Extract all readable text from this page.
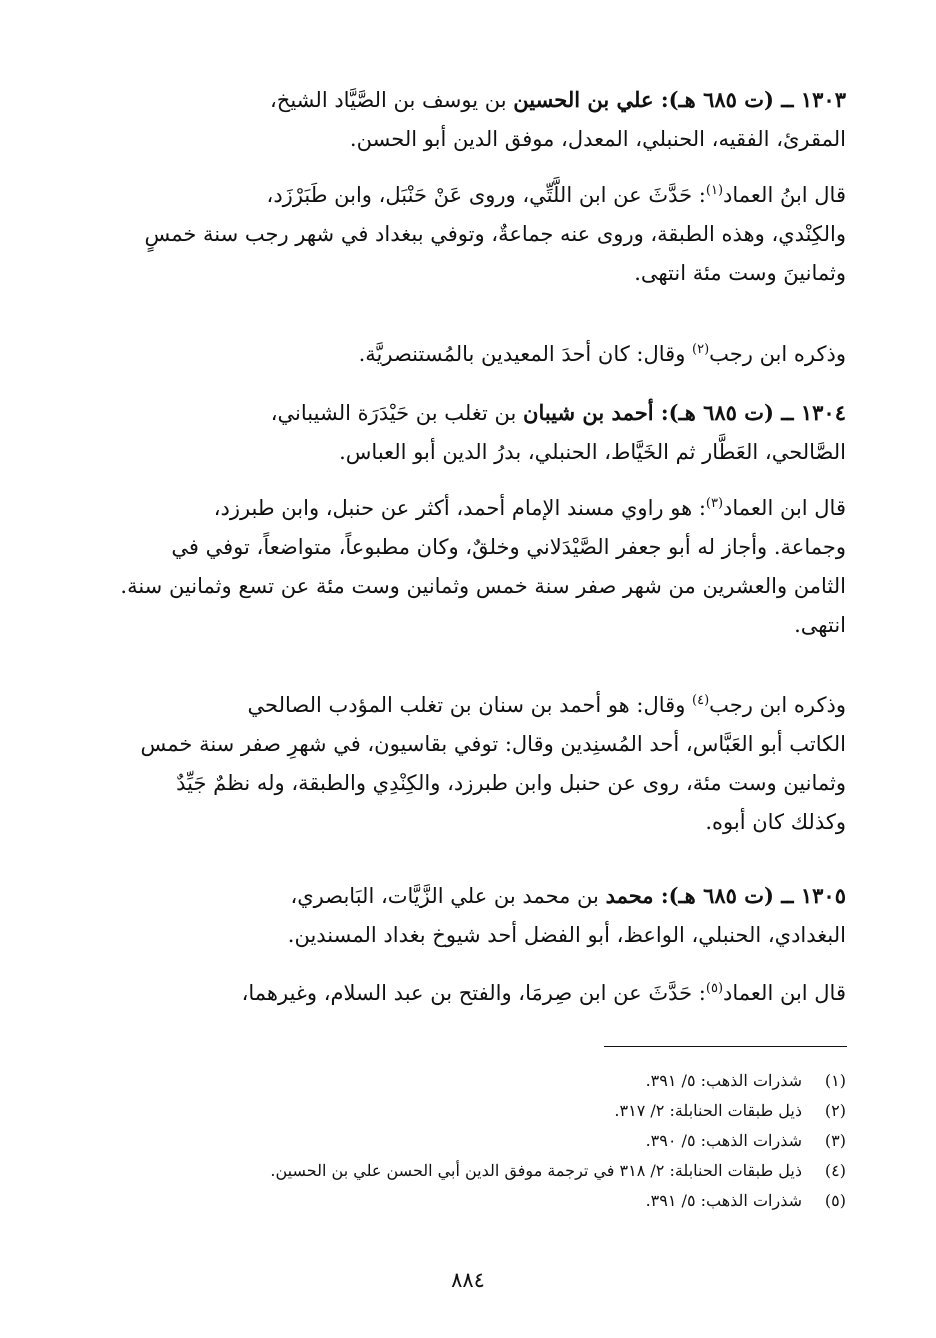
١٣٠٣ ــ (ت ٦٨٥ هـ): علي بن الحسين بن يوسف بن الصَّيَّاد الشيخ،
المقرئ، الفقيه، الحنبلي، المعدل، موفق الدين أبو الحسن.

قال ابنُ العماد$^{(١)}$: حَدَّثَ عن ابن اللَّتِّي، وروى عَنْ حَنْبَل، وابن طَبَرْزَد،
والكِنْدي، وهذه الطبقة، وروى عنه جماعةٌ، وتوفي ببغداد في شهر رجب سنة خمسٍ
وثمانينَ وست مئة انتهى.

وذكره ابن رجب$^{(٢)}$ وقال: كان أحدَ المعيدين بالمُستنصريَّة.

١٣٠٤ ــ (ت ٦٨٥ هـ): أحمد بن شيبان بن تغلب بن حَيْدَرَة الشيباني،
الصَّالحي، العَطَّار ثم الخَيَّاط، الحنبلي، بدرُ الدين أبو العباس.

قال ابن العماد$^{(٣)}$: هو راوي مسند الإمام أحمد، أكثر عن حنبل، وابن طبرزد،
وجماعة. وأجاز له أبو جعفر الصَّيْدَلاني وخلقٌ، وكان مطبوعاً، متواضعاً، توفي في
الثامن والعشرين من شهر صفر سنة خمس وثمانين وست مئة عن تسع وثمانين سنة.
انتهى.

وذكره ابن رجب$^{(٤)}$ وقال: هو أحمد بن سنان بن تغلب المؤدب الصالحي
الكاتب أبو العَبَّاس، أحد المُسنِدين وقال: توفي بقاسيون، في شهرِ صفر سنة خمس
وثمانين وست مئة، روى عن حنبل وابن طبرزد، والكِنْدِي والطبقة، وله نظمٌ جَيِّدٌ
وكذلك كان أبوه.

١٣٠٥ ــ (ت ٦٨٥ هـ): محمد بن محمد بن علي الزَّيَّات، البَابصري،
البغدادي، الحنبلي، الواعظ، أبو الفضل أحد شيوخ بغداد المسندين.

قال ابن العماد$^{(٥)}$: حَدَّثَ عن ابن صِرمَا، والفتح بن عبد السلام، وغيرهما،

(١)شذرات الذهب: ٥/ ٣٩١.
(٢)ذيل طبقات الحنابلة: ٢/ ٣١٧.
(٣)شذرات الذهب: ٥/ ٣٩٠.
(٤)ذيل طبقات الحنابلة: ٢/ ٣١٨ في ترجمة موفق الدين أبي الحسن علي بن الحسين.
(٥)شذرات الذهب: ٥/ ٣٩١.
٨٨٤
